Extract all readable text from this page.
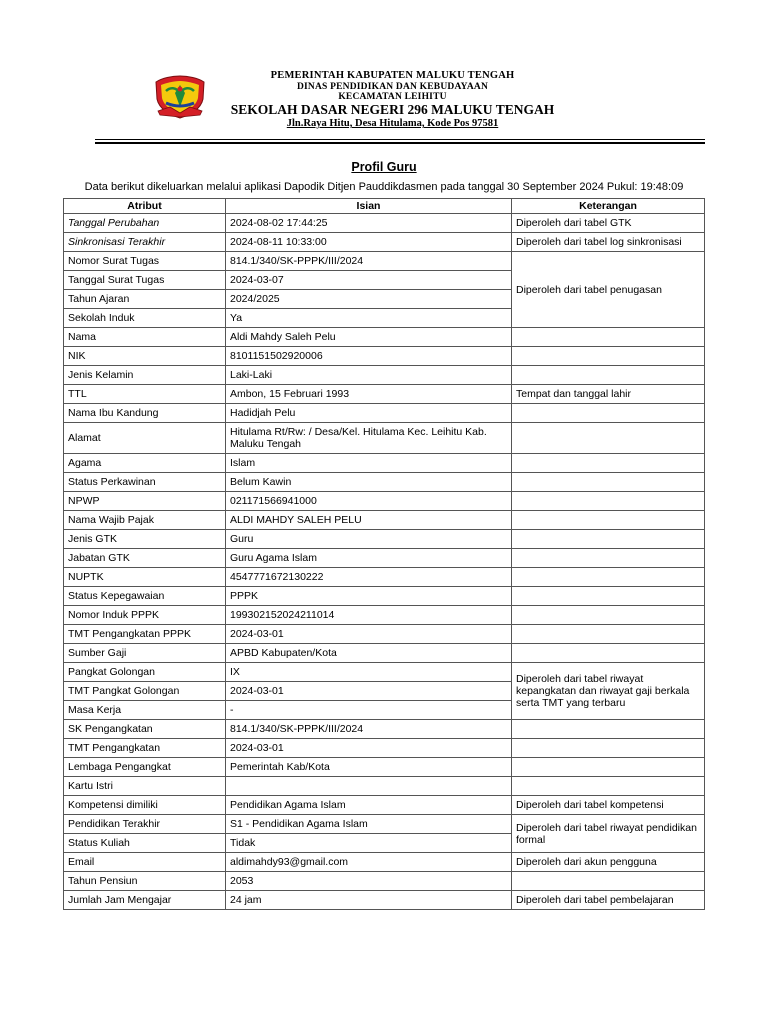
PEMERINTAH KABUPATEN MALUKU TENGAH
DINAS PENDIDIKAN DAN KEBUDAYAAN
KECAMATAN LEIHITU
SEKOLAH DASAR NEGERI 296 MALUKU TENGAH
Jln.Raya Hitu, Desa Hitulama, Kode Pos 97581
Profil Guru
Data berikut dikeluarkan melalui aplikasi Dapodik Ditjen Pauddikdasmen pada tanggal 30 September 2024 Pukul: 19:48:09
Atribut	Isian	Keterangan
Tanggal Perubahan	2024-08-02 17:44:25	Diperoleh dari tabel GTK
Sinkronisasi Terakhir	2024-08-11 10:33:00	Diperoleh dari tabel log sinkronisasi
Nomor Surat Tugas	814.1/340/SK-PPPK/III/2024	Diperoleh dari tabel penugasan
Tanggal Surat Tugas	2024-03-07	
Tahun Ajaran	2024/2025	
Sekolah Induk	Ya	
Nama	Aldi Mahdy Saleh Pelu	
NIK	8101151502920006	
Jenis Kelamin	Laki-Laki	
TTL	Ambon, 15 Februari 1993	Tempat dan tanggal lahir
Nama Ibu Kandung	Hadidjah Pelu	
Alamat	Hitulama Rt/Rw: / Desa/Kel. Hitulama Kec. Leihitu Kab. Maluku Tengah	
Agama	Islam	
Status Perkawinan	Belum Kawin	
NPWP	021171566941000	
Nama Wajib Pajak	ALDI MAHDY SALEH PELU	
Jenis GTK	Guru	
Jabatan GTK	Guru Agama Islam	
NUPTK	4547771672130222	
Status Kepegawaian	PPPK	
Nomor Induk PPPK	199302152024211014	
TMT Pengangkatan PPPK	2024-03-01	
Sumber Gaji	APBD Kabupaten/Kota	
Pangkat Golongan	IX	Diperoleh dari tabel riwayat kepangkatan dan riwayat gaji berkala serta TMT yang terbaru
TMT Pangkat Golongan	2024-03-01	
Masa Kerja	-	
SK Pengangkatan	814.1/340/SK-PPPK/III/2024	
TMT Pengangkatan	2024-03-01	
Lembaga Pengangkat	Pemerintah Kab/Kota	
Kartu Istri		
Kompetensi dimiliki	Pendidikan Agama Islam	Diperoleh dari tabel kompetensi
Pendidikan Terakhir	S1 - Pendidikan Agama Islam	Diperoleh dari tabel riwayat pendidikan formal
Status Kuliah	Tidak	
Email	aldimahdy93@gmail.com	Diperoleh dari akun pengguna
Tahun Pensiun	2053	
Jumlah Jam Mengajar	24 jam	Diperoleh dari tabel pembelajaran
